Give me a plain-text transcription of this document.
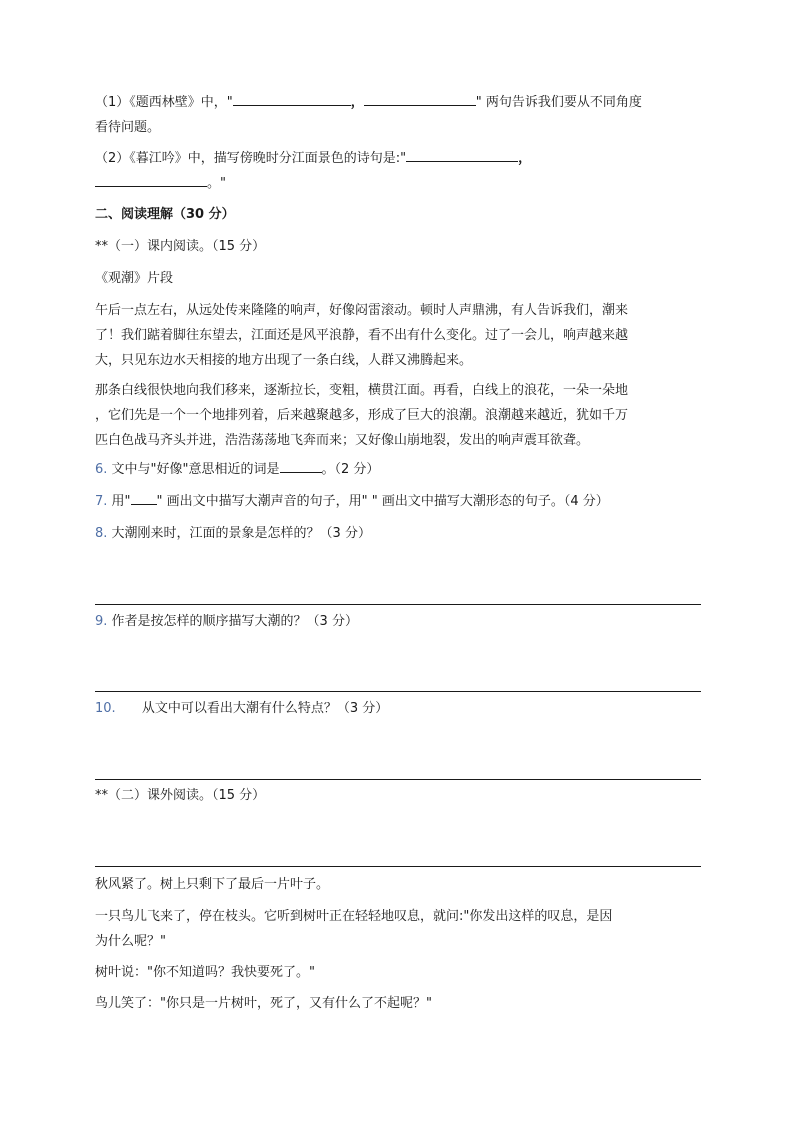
（1）《题西林壁》中，"	，	" 两句告诉我们要从不同角度
看待问题。
（2）《暮江吟》中，描写傍晚时分江面景色的诗句是:"	，
。"
二、阅读理解（30 分）
**（一）课内阅读。（15 分）
《观潮》片段
午后一点左右，从远处传来隆隆的响声，好像闷雷滚动。顿时人声鼎沸，有人告诉我们，潮来
了！我们踮着脚往东望去，江面还是风平浪静，看不出有什么变化。过了一会儿，响声越来越
大，只见东边水天相接的地方出现了一条白线，人群又沸腾起来。
那条白线很快地向我们移来，逐渐拉长，变粗，横贯江面。再看，白线上的浪花，一朵一朵地
，它们先是一个一个地排列着，后来越聚越多，形成了巨大的浪潮。浪潮越来越近，犹如千万
匹白色战马齐头并进，浩浩荡荡地飞奔而来；又好像山崩地裂，发出的响声震耳欲聋。
6. 文中与"好像"意思相近的词是	。（2 分）
7. 用" " 画出文中描写大潮声音的句子，用" " 画出文中描写大潮形态的句子。（4 分）
8. 大潮刚来时，江面的景象是怎样的？（3 分）
9. 作者是按怎样的顺序描写大潮的？（3 分）
10. 从文中可以看出大潮有什么特点？（3 分）
**（二）课外阅读。（15 分）
秋风紧了。树上只剩下了最后一片叶子。
一只鸟儿飞来了，停在枝头。它听到树叶正在轻轻地叹息，就问:"你发出这样的叹息，是因
为什么呢？"
树叶说："你不知道吗？我快要死了。"
鸟儿笑了："你只是一片树叶，死了，又有什么了不起呢？"
